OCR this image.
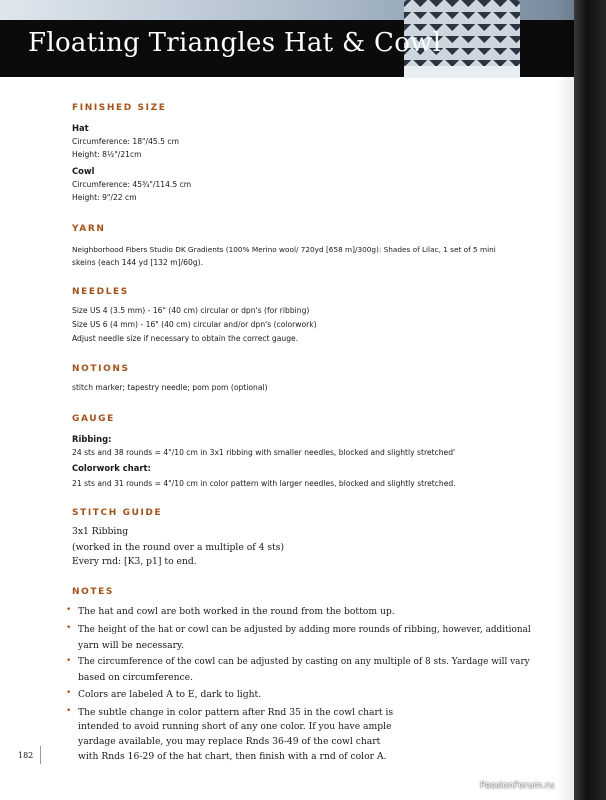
Floating Triangles Hat & Cowl
FINISHED SIZE

Hat

Circumference: 18"/45.5 cm

Height: 8½"/21cm

Cowl

Circumference: 45¾"/114.5 cm

Height: 9"/22 cm

YARN

Neighborhood Fibers Studio DK Gradients (100% Merino wool/ 720yd [658 m]/300g): Shades of Lilac, 1 set of 5 mini

skeins (each 144 yd [132 m]/60g).

NEEDLES

Size US 4 (3.5 mm) - 16" (40 cm) circular or dpn's (for ribbing)

Size US 6 (4 mm) - 16" (40 cm) circular and/or dpn's (colorwork)

Adjust needle size if necessary to obtain the correct gauge.

NOTIONS

stitch marker; tapestry needle; pom pom (optional)

GAUGE

Ribbing:

24 sts and 38 rounds = 4"/10 cm in 3x1 ribbing with smaller needles, blocked and slightly stretched'

Colorwork chart:

21 sts and 31 rounds = 4"/10 cm in color pattern with larger needles, blocked and slightly stretched.

STITCH GUIDE

3x1 Ribbing

(worked in the round over a multiple of 4 sts)

Every rnd: [K3, p1] to end.

NOTES
• The hat and cowl are both worked in the round from the bottom up.

• The height of the hat or cowl can be adjusted by adding more rounds of ribbing, however, additional

yarn will be necessary.

• The circumference of the cowl can be adjusted by casting on any multiple of 8 sts. Yardage will vary

based on circumference.

• Colors are labeled A to E, dark to light.

• The subtle change in color pattern after Rnd 35 in the cowl chart is

intended to avoid running short of any one color. If you have ample

yardage available, you may replace Rnds 36-49 of the cowl chart

with Rnds 16-29 of the hat chart, then finish with a rnd of color A.

182

PassionForum.ru
